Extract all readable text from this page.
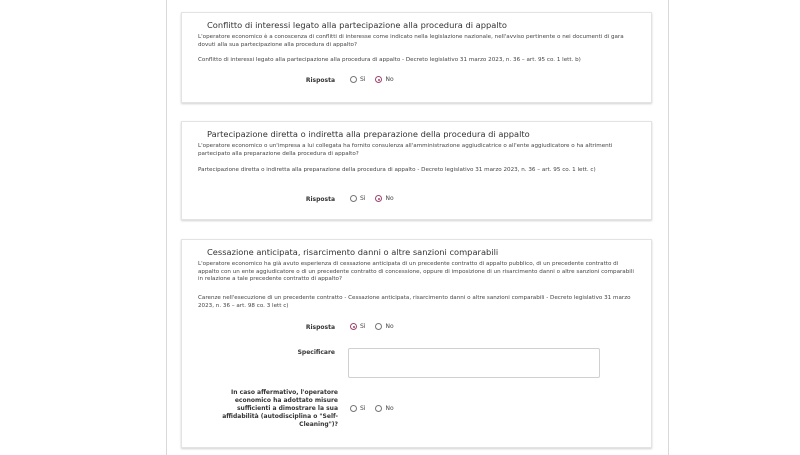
Conflitto di interessi legato alla partecipazione alla procedura di appalto
L'operatore economico è a conoscenza di conflitti di interesse come indicato nella legislazione nazionale, nell'avviso pertinente o nei documenti di gara dovuti alla sua partecipazione alla procedura di appalto?
Conflitto di interessi legato alla partecipazione alla procedura di appalto - Decreto legislativo 31 marzo 2023, n. 36 – art. 95 co. 1 lett. b)
Risposta	Sì	No
Partecipazione diretta o indiretta alla preparazione della procedura di appalto
L'operatore economico o un'impresa a lui collegata ha fornito consulenza all'amministrazione aggiudicatrice o all'ente aggiudicatore o ha altrimenti partecipato alla preparazione della procedura di appalto?
Partecipazione diretta o indiretta alla preparazione della procedura di appalto - Decreto legislativo 31 marzo 2023, n. 36 – art. 95 co. 1 lett. c)
Risposta	Sì	No
Cessazione anticipata, risarcimento danni o altre sanzioni comparabili
L'operatore economico ha già avuto esperienza di cessazione anticipata di un precedente contratto di appalto pubblico, di un precedente contratto di appalto con un ente aggiudicatore o di un precedente contratto di concessione, oppure di imposizione di un risarcimento danni o altre sanzioni comparabili in relazione a tale precedente contratto di appalto?
Carenze nell'esecuzione di un precedente contratto - Cessazione anticipata, risarcimento danni o altre sanzioni comparabili - Decreto legislativo 31 marzo 2023, n. 36 – art. 98 co. 3 lett c)
Risposta	Sì	No
Specificare
In caso affermativo, l'operatore economico ha adottato misure sufficienti a dimostrare la sua affidabilità (autodisciplina o "Self-Cleaning")?
Sì	No
